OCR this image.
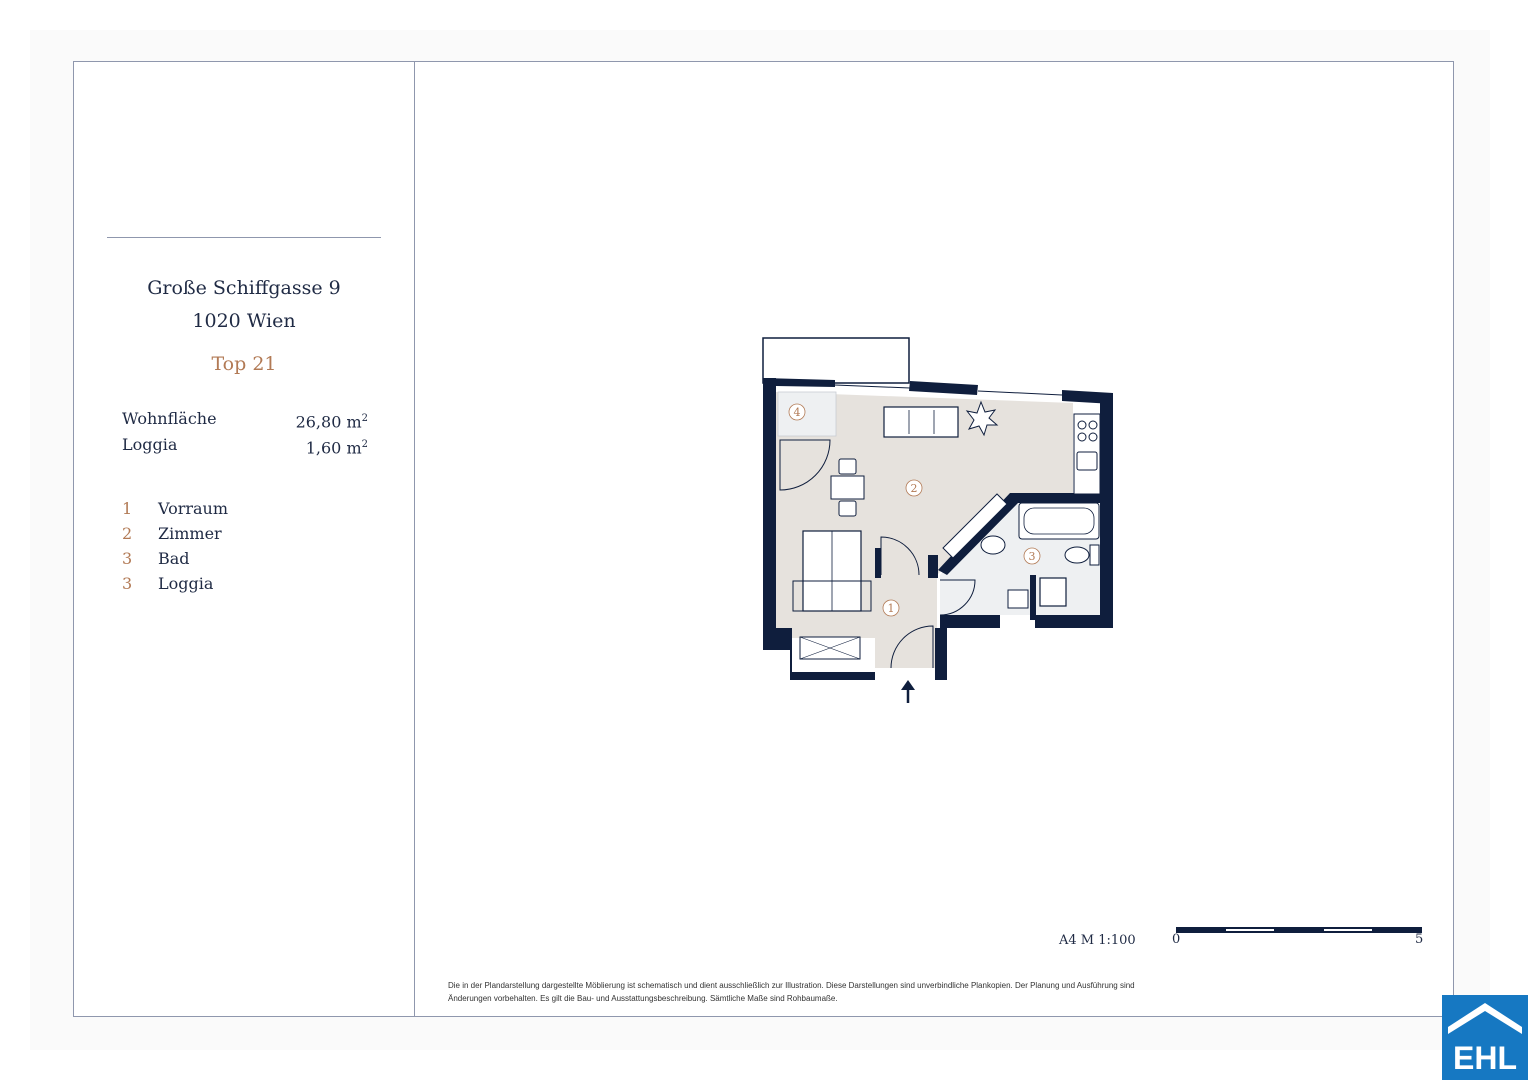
Große Schiffgasse 9
1020 Wien
Top 21
Wohnfläche	26,80 $m^2$
Loggia	1,60 $m^2$
1	Vorraum
2	Zimmer
3	Bad
3	Loggia
1
2
3
4
A4 M 1:100	0	5
Die in der Plandarstellung dargestellte Möblierung ist schematisch und dient ausschließlich zur Illustration. Diese Darstellungen sind unverbindliche Plankopien. Der Planung und Ausführung sind Änderungen vorbehalten. Es gilt die Bau- und Ausstattungsbeschreibung. Sämtliche Maße sind Rohbaumaße.
EHL
